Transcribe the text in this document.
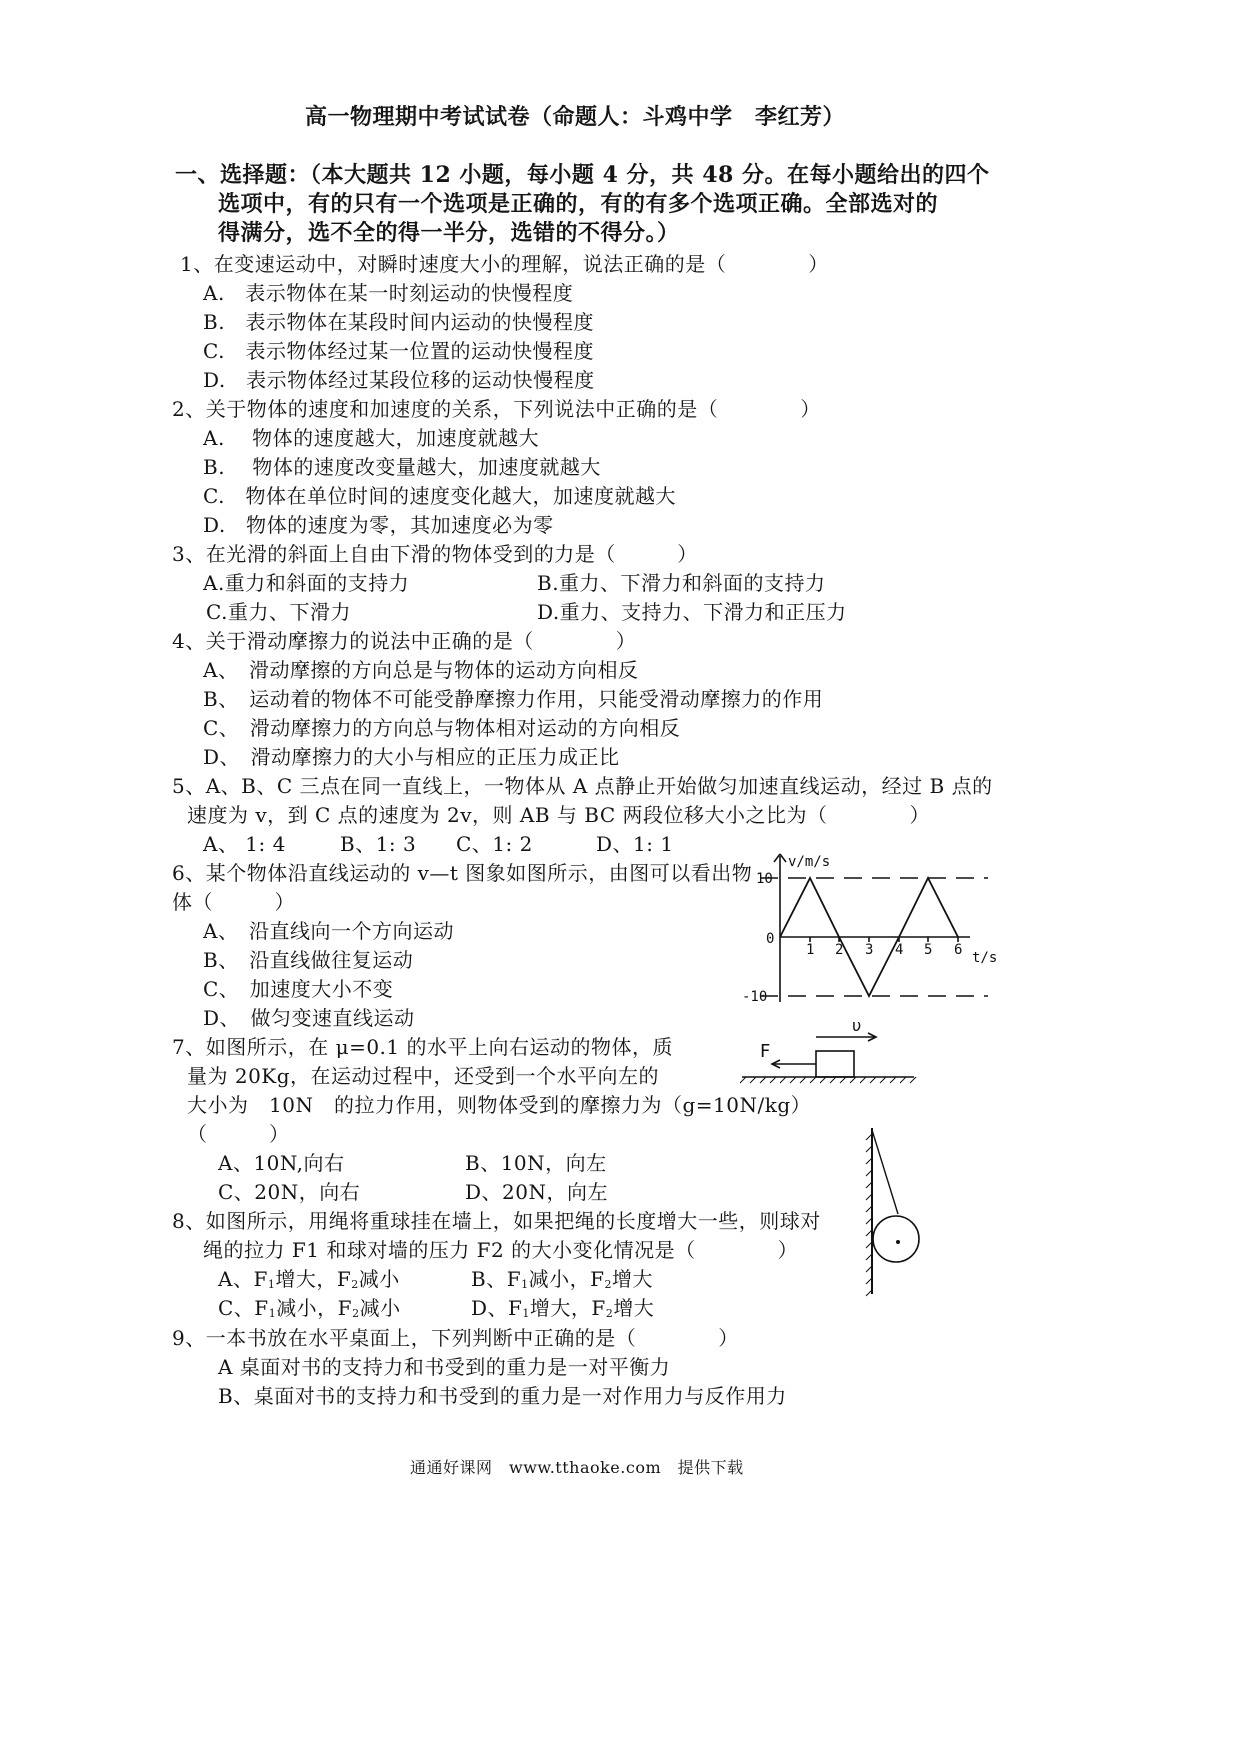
高一物理期中考试试卷（命题人：斗鸡中学　李红芳）
一、选择题：（本大题共 12 小题，每小题 4 分，共 48 分。在每小题给出的四个
选项中，有的只有一个选项是正确的，有的有多个选项正确。全部选对的
得满分，选不全的得一半分，选错的不得分。）
1、在变速运动中，对瞬时速度大小的理解，说法正确的是（　　　　）
A.　表示物体在某一时刻运动的快慢程度
B.　表示物体在某段时间内运动的快慢程度
C.　表示物体经过某一位置的运动快慢程度
D.　表示物体经过某段位移的运动快慢程度
2、关于物体的速度和加速度的关系，下列说法中正确的是（　　　　）
A.　 物体的速度越大，加速度就越大
B.　 物体的速度改变量越大，加速度就越大
C.　物体在单位时间的速度变化越大，加速度就越大
D.　物体的速度为零，其加速度必为零
3、在光滑的斜面上自由下滑的物体受到的力是（　　　）
A.重力和斜面的支持力	B.重力、下滑力和斜面的支持力
C.重力、下滑力	D.重力、支持力、下滑力和正压力
4、关于滑动摩擦力的说法中正确的是（　　　　）
A、　滑动摩擦的方向总是与物体的运动方向相反
B、　运动着的物体不可能受静摩擦力作用，只能受滑动摩擦力的作用
C、　滑动摩擦力的方向总与物体相对运动的方向相反
D、　滑动摩擦力的大小与相应的正压力成正比
5、A、B、C 三点在同一直线上，一物体从 A 点静止开始做匀加速直线运动，经过 B 点的
速度为 v，到 C 点的速度为 2v，则 AB 与 BC 两段位移大小之比为（　　　　）
A、 1: 4	B、1: 3 C、1: 2	D、1: 1
6、某个物体沿直线运动的 v—t 图象如图所示，由图可以看出物
体（　　　）
A、　沿直线向一个方向运动
B、　沿直线做往复运动
C、　加速度大小不变
D、　做匀变速直线运动
v/m/s
t/s
10
0
-10
1 2 3 4 5 6
7、如图所示，在 μ=0.1 的水平上向右运动的物体，质
量为 20Kg，在运动过程中，还受到一个水平向左的
大小为　10N　的拉力作用，则物体受到的摩擦力为（g=10N/kg）
（　　　）
A、10N,向右	B、10N，向左
C、20N，向右	D、20N，向左
F
υ
8、如图所示，用绳将重球挂在墙上，如果把绳的长度增大一些，则球对
绳的拉力 F1 和球对墙的压力 F2 的大小变化情况是（　　　　）
A、$F_1$增大，$F_2$减小	B、$F_1$减小，$F_2$增大
C、$F_1$减小，$F_2$减小	D、$F_1$增大，$F_2$增大
9、一本书放在水平桌面上，下列判断中正确的是（　　　　）
A 桌面对书的支持力和书受到的重力是一对平衡力
B、桌面对书的支持力和书受到的重力是一对作用力与反作用力
通通好课网　www.tthaoke.com　提供下载
